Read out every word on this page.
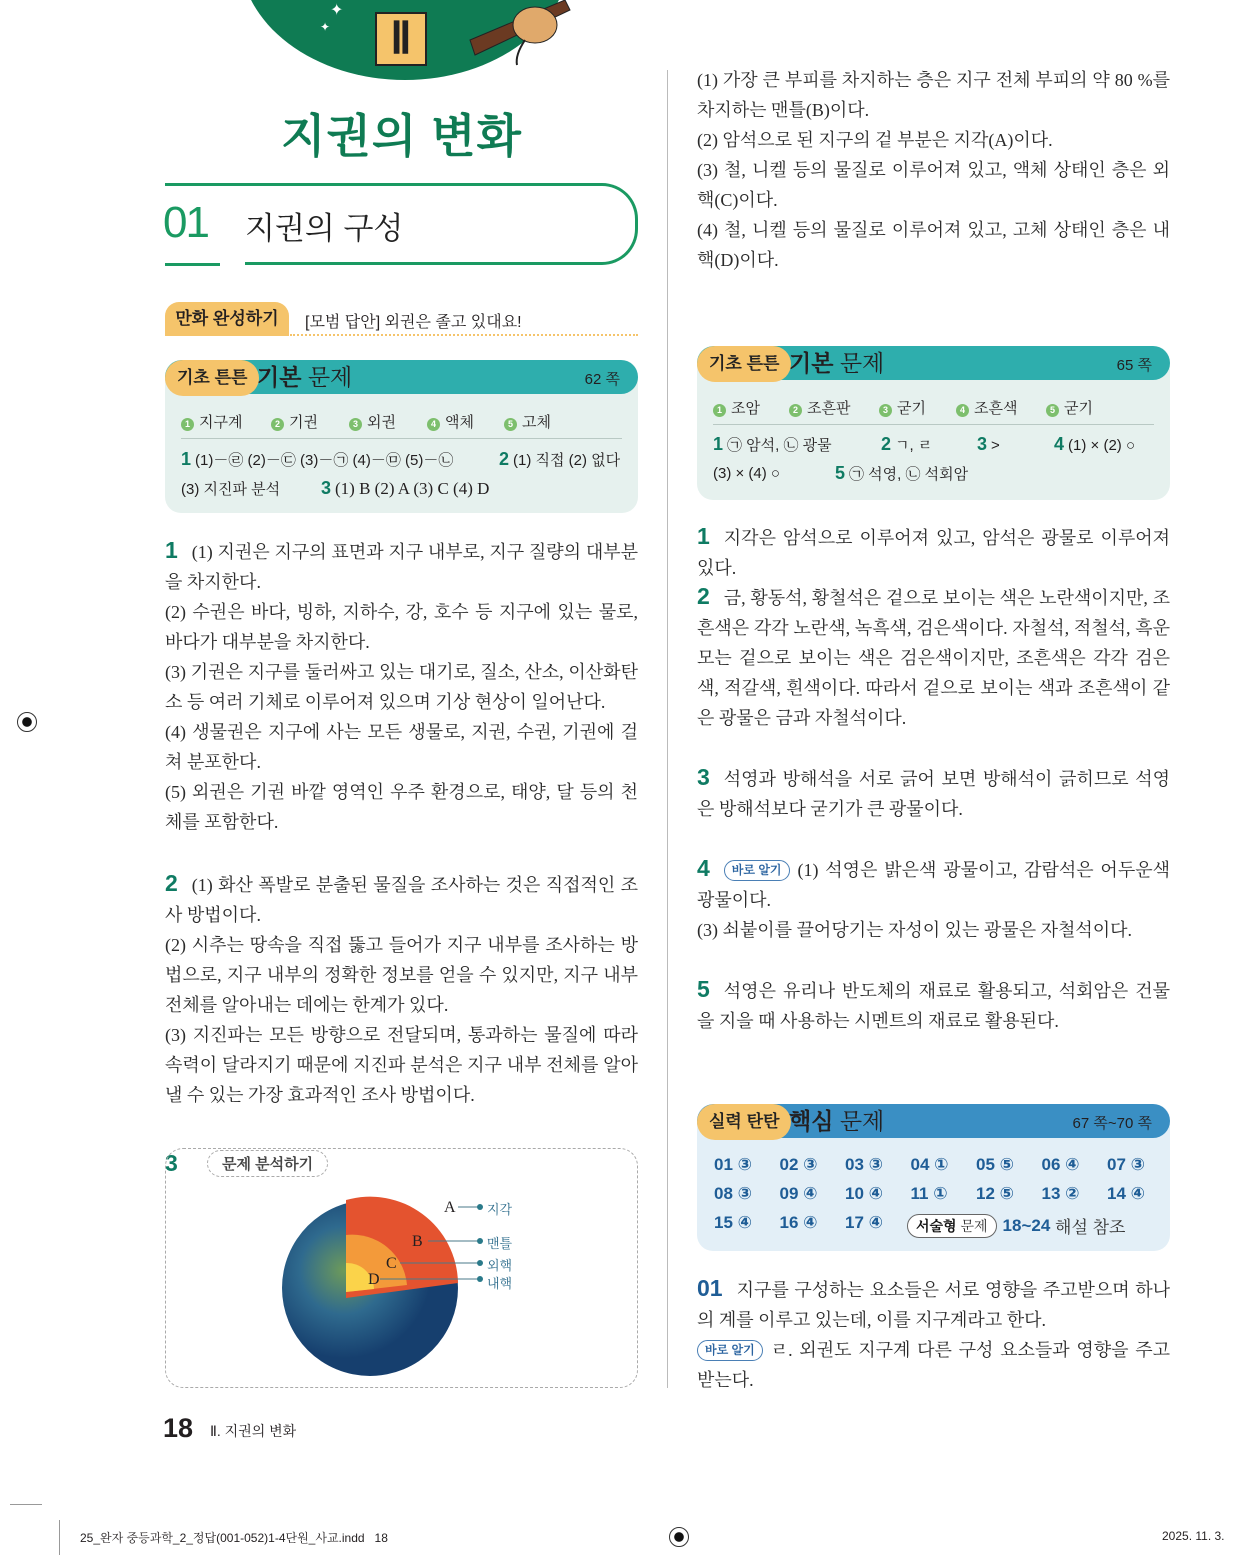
✦
✦	Ⅱ
지권의 변화
01 지권의 구성
만화 완성하기	[모범 답안] 외권은 졸고 있대요!
기초 튼튼 기본 문제	62 쪽
1 지구계	2 기권	3 외권	4 액체	5 고체
1 (1)－㉣ (2)－㉢ (3)－㉠ (4)－㉤ (5)－㉡	2 (1) 직접 (2) 없다
(3) 지진파 분석	3 (1) B (2) A (3) C (4) D

1 (1) 지권은 지구의 표면과 지구 내부로, 지구 질량의 대부분을 차지한다.

(2) 수권은 바다, 빙하, 지하수, 강, 호수 등 지구에 있는 물로, 바다가 대부분을 차지한다.

(3) 기권은 지구를 둘러싸고 있는 대기로, 질소, 산소, 이산화탄소 등 여러 기체로 이루어져 있으며 기상 현상이 일어난다.

(4) 생물권은 지구에 사는 모든 생물로, 지권, 수권, 기권에 걸쳐 분포한다.

(5) 외권은 기권 바깥 영역인 우주 환경으로, 태양, 달 등의 천체를 포함한다.

2 (1) 화산 폭발로 분출된 물질을 조사하는 것은 직접적인 조사 방법이다.

(2) 시추는 땅속을 직접 뚫고 들어가 지구 내부를 조사하는 방법으로, 지구 내부의 정확한 정보를 얻을 수 있지만, 지구 내부 전체를 알아내는 데에는 한계가 있다.

(3) 지진파는 모든 방향으로 전달되며, 통과하는 물질에 따라 속력이 달라지기 때문에 지진파 분석은 지구 내부 전체를 알아낼 수 있는 가장 효과적인 조사 방법이다.

3	문제 분석하기
A
B
C
D
지각
맨틀
외핵
내핵
18 Ⅱ. 지권의 변화

(1) 가장 큰 부피를 차지하는 층은 지구 전체 부피의 약 80 %를 차지하는 맨틀(B)이다.

(2) 암석으로 된 지구의 겉 부분은 지각(A)이다.

(3) 철, 니켈 등의 물질로 이루어져 있고, 액체 상태인 층은 외핵(C)이다.

(4) 철, 니켈 등의 물질로 이루어져 있고, 고체 상태인 층은 내핵(D)이다.

기초 튼튼 기본 문제	65 쪽
1 조암	2 조흔판	3 굳기	4 조흔색	5 굳기
1 ㉠ 암석, ㉡ 광물	2 ㄱ, ㄹ	3 >	4 (1) × (2) ○
(3) × (4) ○	5 ㉠ 석영, ㉡ 석회암

1 지각은 암석으로 이루어져 있고, 암석은 광물로 이루어져 있다.

2 금, 황동석, 황철석은 겉으로 보이는 색은 노란색이지만, 조흔색은 각각 노란색, 녹흑색, 검은색이다. 자철석, 적철석, 흑운모는 겉으로 보이는 색은 검은색이지만, 조흔색은 각각 검은색, 적갈색, 흰색이다. 따라서 겉으로 보이는 색과 조흔색이 같은 광물은 금과 자철석이다.

3 석영과 방해석을 서로 긁어 보면 방해석이 긁히므로 석영은 방해석보다 굳기가 큰 광물이다.

4 바로 알기 (1) 석영은 밝은색 광물이고, 감람석은 어두운색 광물이다.

(3) 쇠붙이를 끌어당기는 자성이 있는 광물은 자철석이다.

5 석영은 유리나 반도체의 재료로 활용되고, 석회암은 건물을 지을 때 사용하는 시멘트의 재료로 활용된다.

실력 탄탄 핵심 문제	67 쪽~70 쪽
01 ③ 02 ③ 03 ③ 04 ① 05 ⑤ 06 ④ 07 ③
08 ③ 09 ④ 10 ④ 11 ① 12 ⑤ 13 ② 14 ④
15 ④ 16 ④ 17 ④	서술형 문제 18~24
해설 참조

01 지구를 구성하는 요소들은 서로 영향을 주고받으며 하나의 계를 이루고 있는데, 이를 지구계라고 한다.

바로 알기 ㄹ. 외권도 지구계 다른 구성 요소들과 영향을 주고받는다.

25_완자 중등과학_2_정답(001-052)1-4단원_사교.indd   18	2025. 11. 3.
